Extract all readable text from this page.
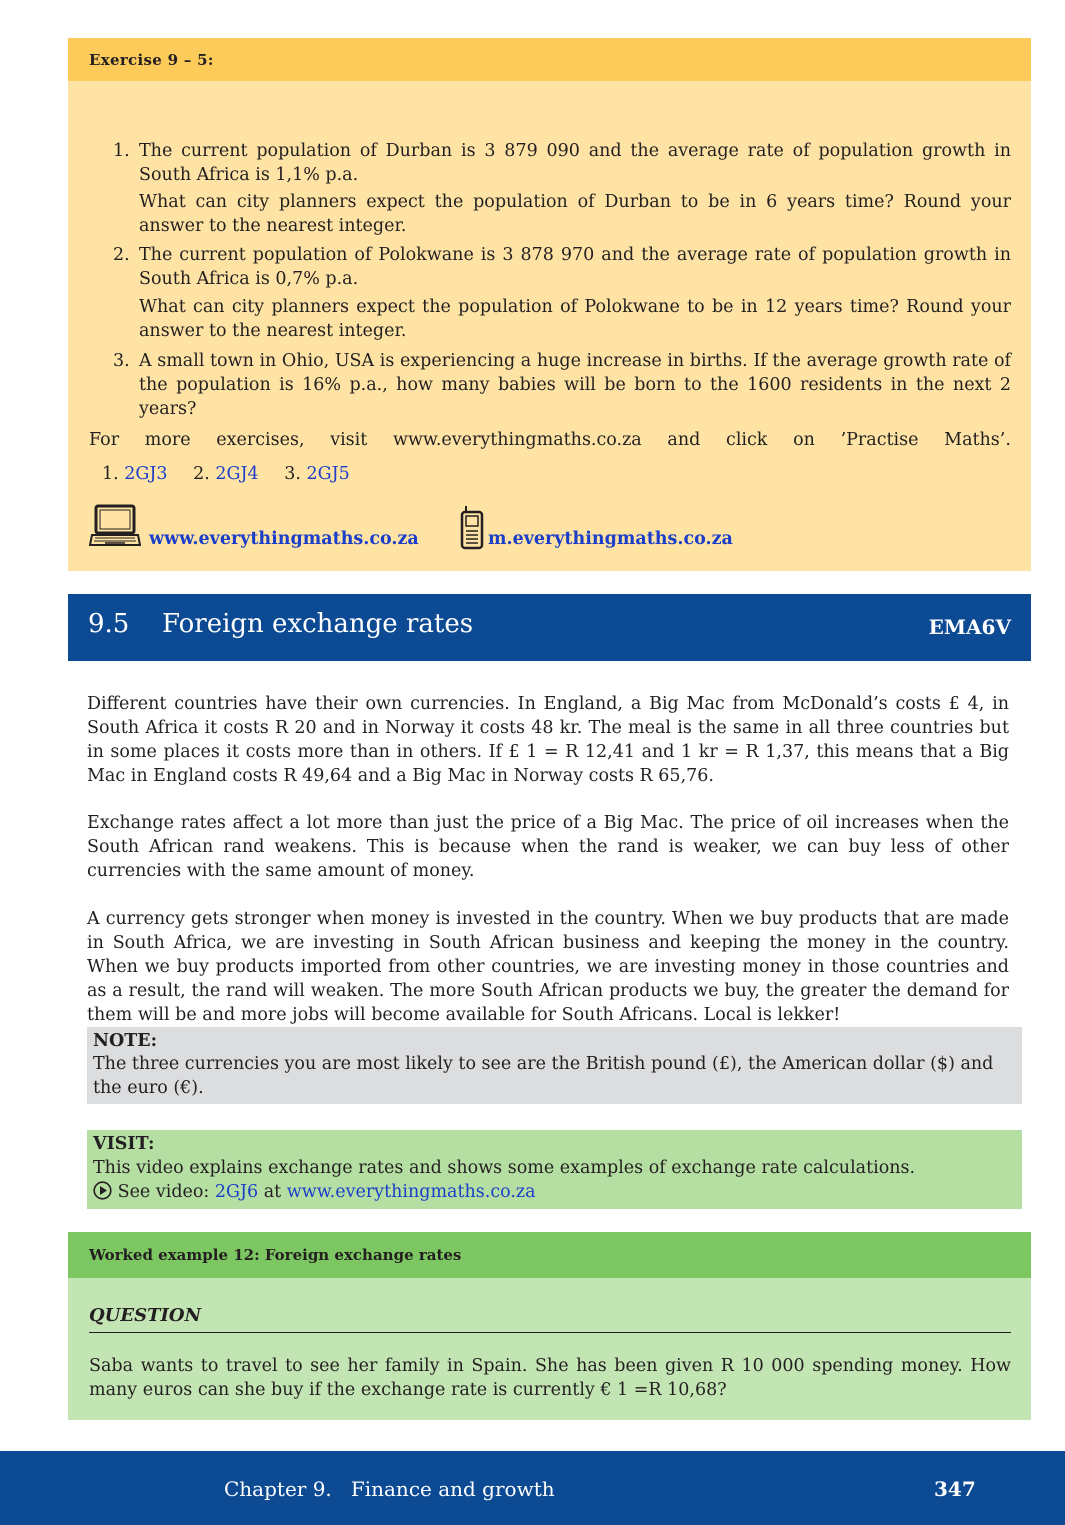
Exercise 9 – 5:
1. The current population of Durban is 3 879 090 and the average rate of population growth in South Africa is 1,1% p.a.

What can city planners expect the population of Durban to be in 6 years time? Round your answer to the nearest integer.

2. The current population of Polokwane is 3 878 970 and the average rate of population growth in South Africa is 0,7% p.a.

What can city planners expect the population of Polokwane to be in 12 years time? Round your answer to the nearest integer.

3. A small town in Ohio, USA is experiencing a huge increase in births. If the average growth rate of the population is 16% p.a., how many babies will be born to the 1600 residents in the next 2 years?

For more exercises, visit www.everythingmaths.co.za and click on ’Practise Maths’.
1. 2GJ3 2. 2GJ4 3. 2GJ5
www.everythingmaths.co.za	m.everythingmaths.co.za
9.5 Foreign exchange rates	EMA6V

Different countries have their own currencies. In England, a Big Mac from McDonald’s costs £ 4, in South Africa it costs R 20 and in Norway it costs 48 kr. The meal is the same in all three countries but in some places it costs more than in others. If £ 1 = R 12,41 and 1 kr = R 1,37, this means that a Big Mac in England costs R 49,64 and a Big Mac in Norway costs R 65,76.

Exchange rates affect a lot more than just the price of a Big Mac. The price of oil increases when the South African rand weakens. This is because when the rand is weaker, we can buy less of other currencies with the same amount of money.

A currency gets stronger when money is invested in the country. When we buy products that are made in South Africa, we are investing in South African business and keeping the money in the country. When we buy products imported from other countries, we are investing money in those countries and as a result, the rand will weaken. The more South African products we buy, the greater the demand for them will be and more jobs will become available for South Africans. Local is lekker!

NOTE:
The three currencies you are most likely to see are the British pound (£), the American dollar ($) and the euro (€).
VISIT:
This video explains exchange rates and shows some examples of exchange rate calculations.
See video: 2GJ6 at www.everythingmaths.co.za
Worked example 12: Foreign exchange rates
QUESTION
Saba wants to travel to see her family in Spain. She has been given R 10 000 spending money. How many euros can she buy if the exchange rate is currently € 1 =R 10,68?
Chapter 9.   Finance and growth	347
